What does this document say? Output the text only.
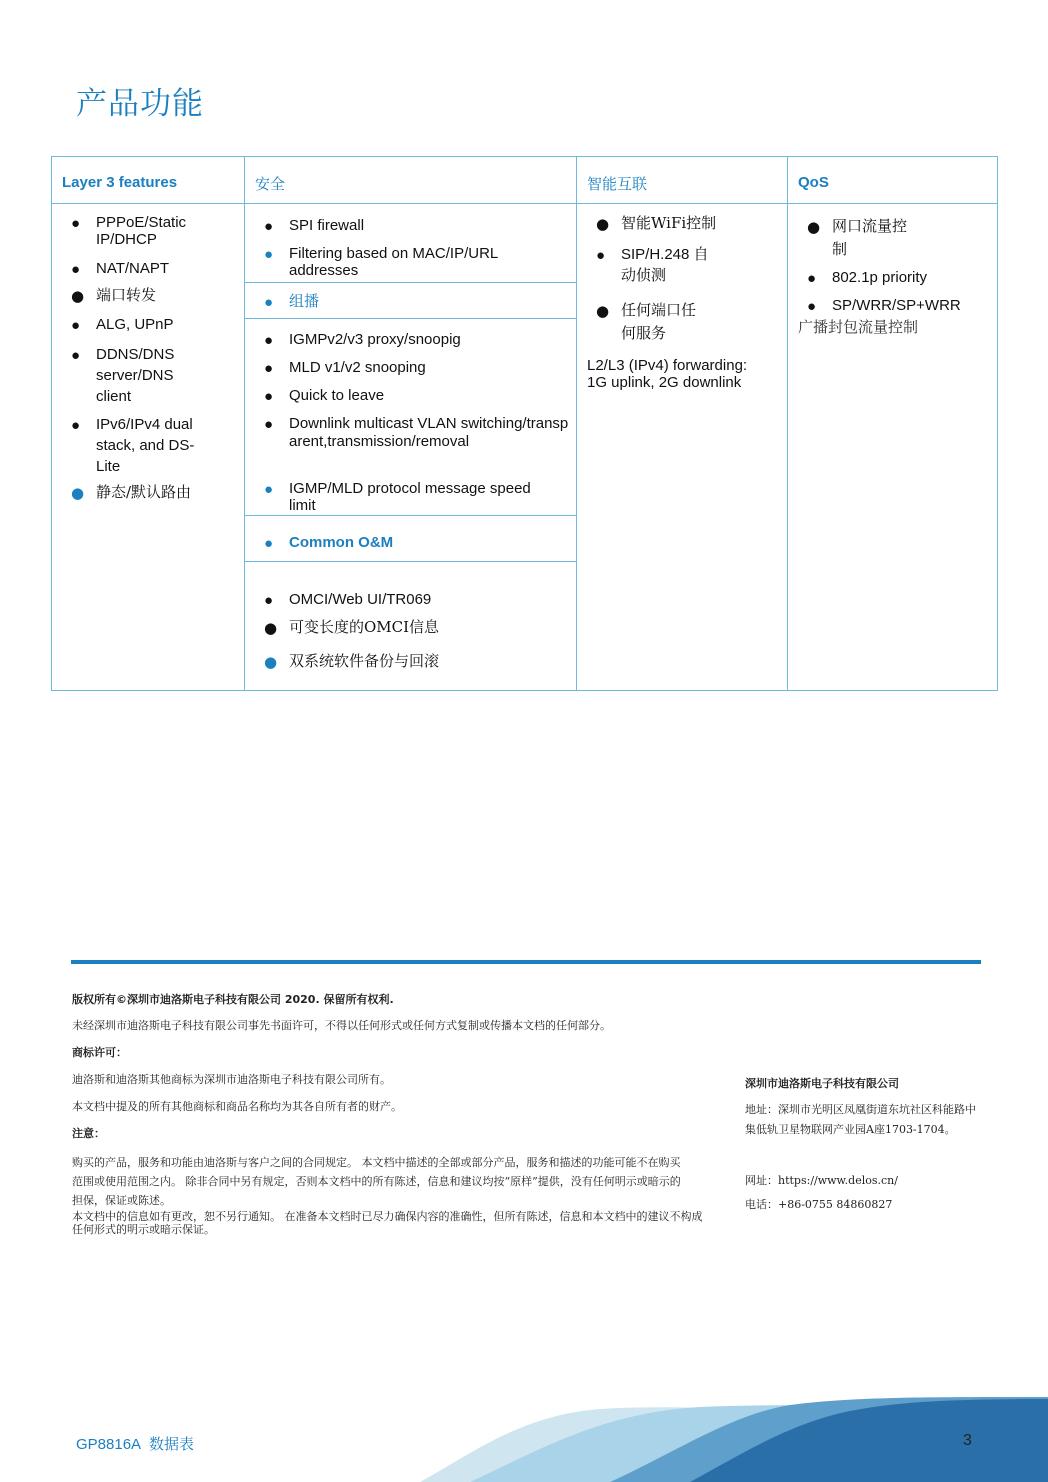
产品功能
Layer 3 features
● PPPoE/Static IP/DHCP
● NAT/NAPT
● 端口转发
● ALG, UPnP
● DDNS/DNS server/DNS client
● IPv6/IPv4 dual stack, and DS-Lite
● 静态/默认路由
安全
● SPI firewall
● Filtering based on MAC/IP/URL addresses
● 组播
● IGMPv2/v3 proxy/snoopig
● MLD v1/v2 snooping
● Quick to leave
● Downlink multicast VLAN switching/transparent,transmission/removal
● IGMP/MLD protocol message speed limit
● Common O&M
● OMCI/Web UI/TR069
● 可变长度的OMCI信息
● 双系统软件备份与回滚
智能互联
● 智能WiFi控制
● SIP/H.248 自动侦测
● 任何端口任何服务
L2/L3 (IPv4) forwarding: 1G uplink, 2G downlink
QoS
● 网口流量控制
● 802.1p priority
● SP/WRR/SP+WRR
广播封包流量控制
版权所有©深圳市迪洛斯电子科技有限公司 2020. 保留所有权利.
未经深圳市迪洛斯电子科技有限公司事先书面许可，不得以任何形式或任何方式复制或传播本文档的任何部分。
商标许可：
迪洛斯和迪洛斯其他商标为深圳市迪洛斯电子科技有限公司所有。
本文档中提及的所有其他商标和商品名称均为其各自所有者的财产。
注意：
购买的产品，服务和功能由迪洛斯与客户之间的合同规定。 本文档中描述的全部或部分产品，服务和描述的功能可能不在购买范围或使用范围之内。 除非合同中另有规定，否则本文档中的所有陈述，信息和建议均按“原样”提供，没有任何明示或暗示的担保，保证或陈述。
本文档中的信息如有更改，恕不另行通知。 在准备本文档时已尽力确保内容的准确性，但所有陈述，信息和本文档中的建议不构成任何形式的明示或暗示保证。
深圳市迪洛斯电子科技有限公司
地址：深圳市光明区凤凰街道东坑社区科能路中集低轨卫星物联网产业园A座1703-1704。
网址：https://www.delos.cn/
电话：+86-0755 84860827
GP8816A 数据表	3
